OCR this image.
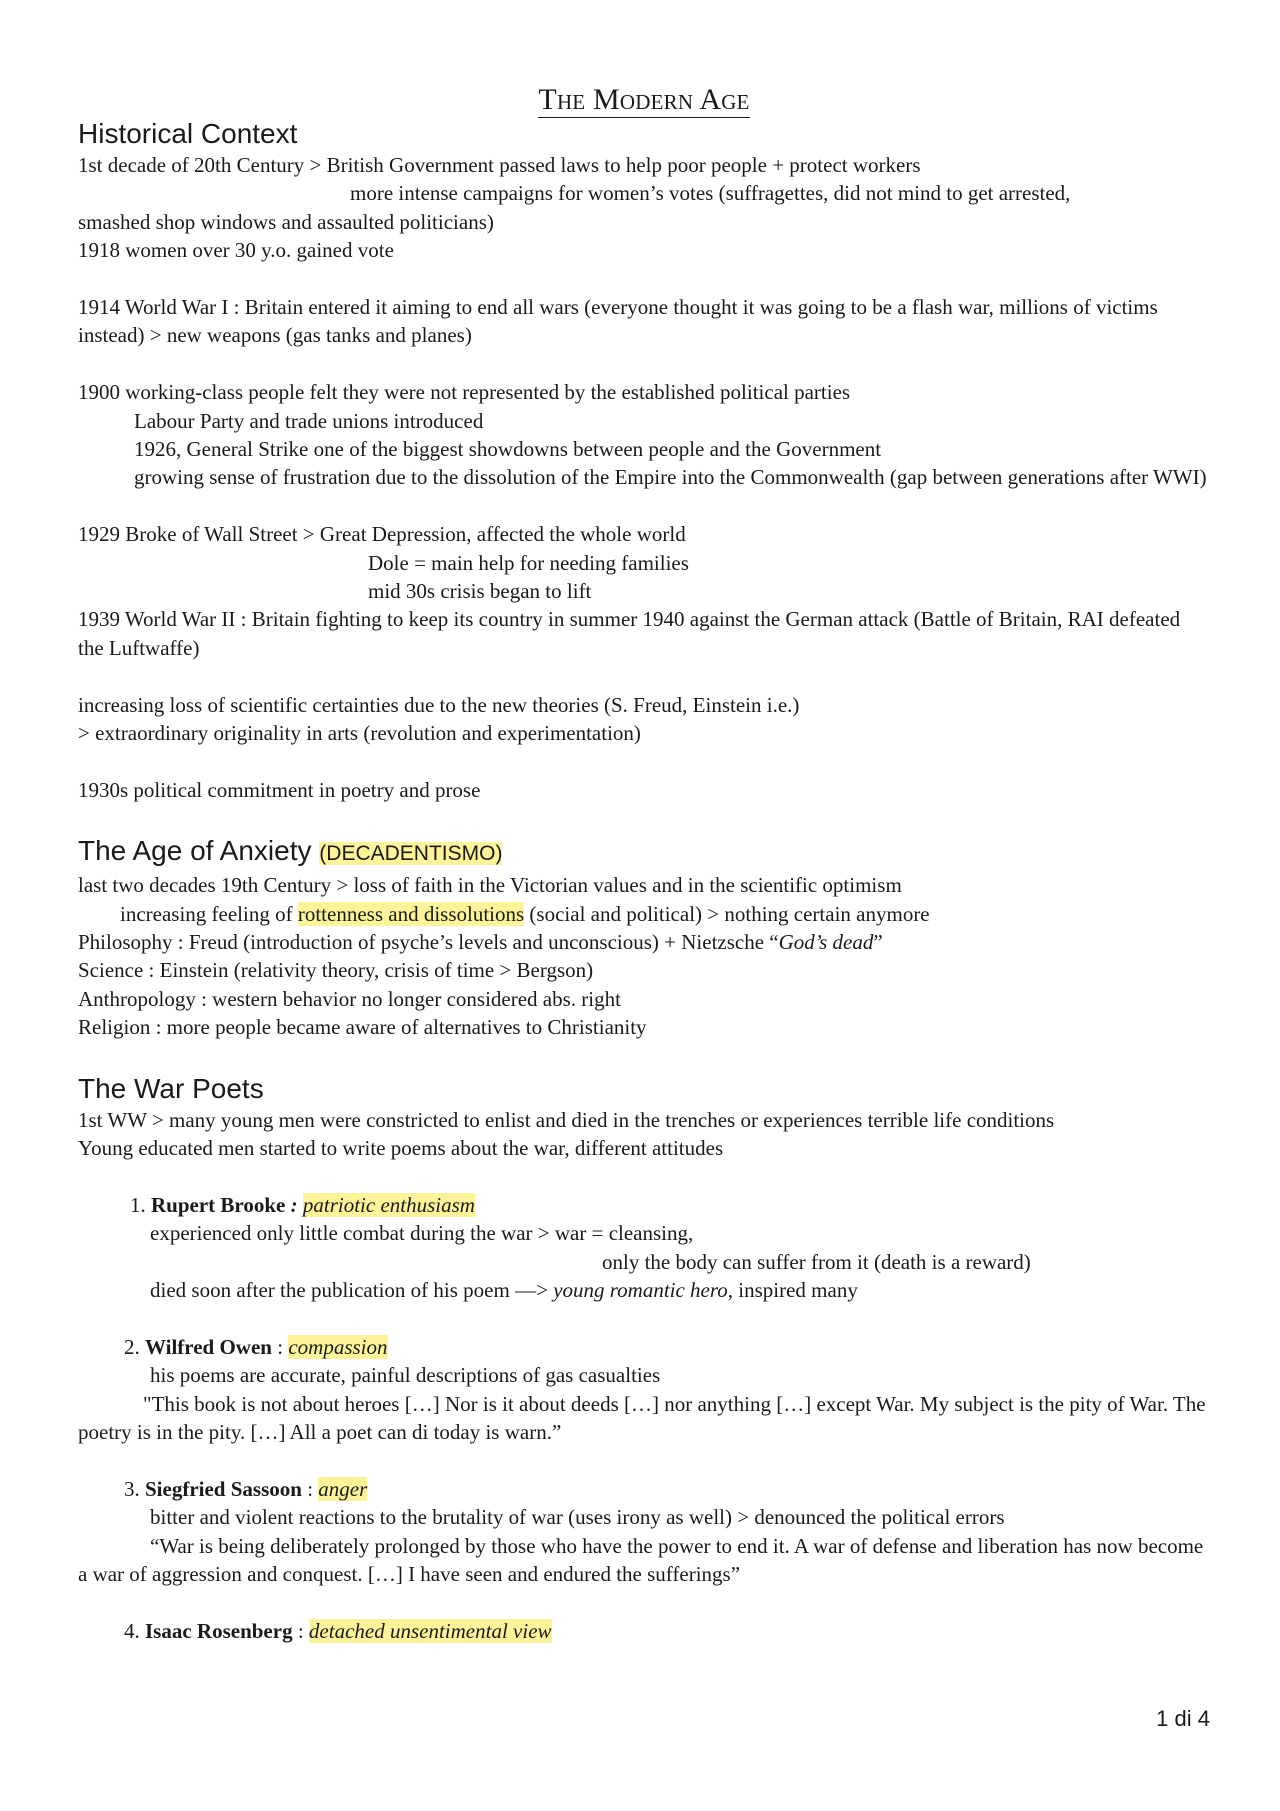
The Modern Age
Historical Context

1st decade of 20th Century > British Government passed laws to help poor people + protect workers

more intense campaigns for women’s votes (suffragettes, did not mind to get arrested,

smashed shop windows and assaulted politicians)

1918 women over 30 y.o. gained vote

1914 World War I : Britain entered it aiming to end all wars (everyone thought it was going to be a flash war, millions of victims instead) > new weapons (gas tanks and planes)

1900 working-class people felt they were not represented by the established political parties

Labour Party and trade unions introduced

1926, General Strike one of the biggest showdowns between people and the Government

growing sense of frustration due to the dissolution of the Empire into the Commonwealth (gap between generations after WWI)

1929 Broke of Wall Street > Great Depression, affected the whole world

Dole = main help for needing families

mid 30s crisis began to lift

1939 World War II : Britain fighting to keep its country in summer 1940 against the German attack (Battle of Britain, RAI defeated the Luftwaffe)

increasing loss of scientific certainties due to the new theories (S. Freud, Einstein i.e.)

> extraordinary originality in arts (revolution and experimentation)

1930s political commitment in poetry and prose

The Age of Anxiety (DECADENTISMO)

last two decades 19th Century > loss of faith in the Victorian values and in the scientific optimism

increasing feeling of rottenness and dissolutions (social and political) > nothing certain anymore

Philosophy : Freud (introduction of psyche’s levels and unconscious) + Nietzsche “God’s dead”

Science : Einstein (relativity theory, crisis of time > Bergson)

Anthropology : western behavior no longer considered abs. right

Religion : more people became aware of alternatives to Christianity

The War Poets

1st WW > many young men were constricted to enlist and died in the trenches or experiences terrible life conditions

Young educated men started to write poems about the war, different attitudes

1. Rupert Brooke : patriotic enthusiasm

experienced only little combat during the war > war = cleansing,

only the body can suffer from it (death is a reward)

died soon after the publication of his poem —> young romantic hero, inspired many

2. Wilfred Owen : compassion

his poems are accurate, painful descriptions of gas casualties

"This book is not about heroes […] Nor is it about deeds […] nor anything […] except War. My subject is the pity of War. The poetry is in the pity. […] All a poet can di today is warn.”

3. Siegfried Sassoon : anger

bitter and violent reactions to the brutality of war (uses irony as well) > denounced the political errors

“War is being deliberately prolonged by those who have the power to end it. A war of defense and liberation has now become a war of aggression and conquest. […] I have seen and endured the sufferings”

4. Isaac Rosenberg : detached unsentimental view

1 di 4
